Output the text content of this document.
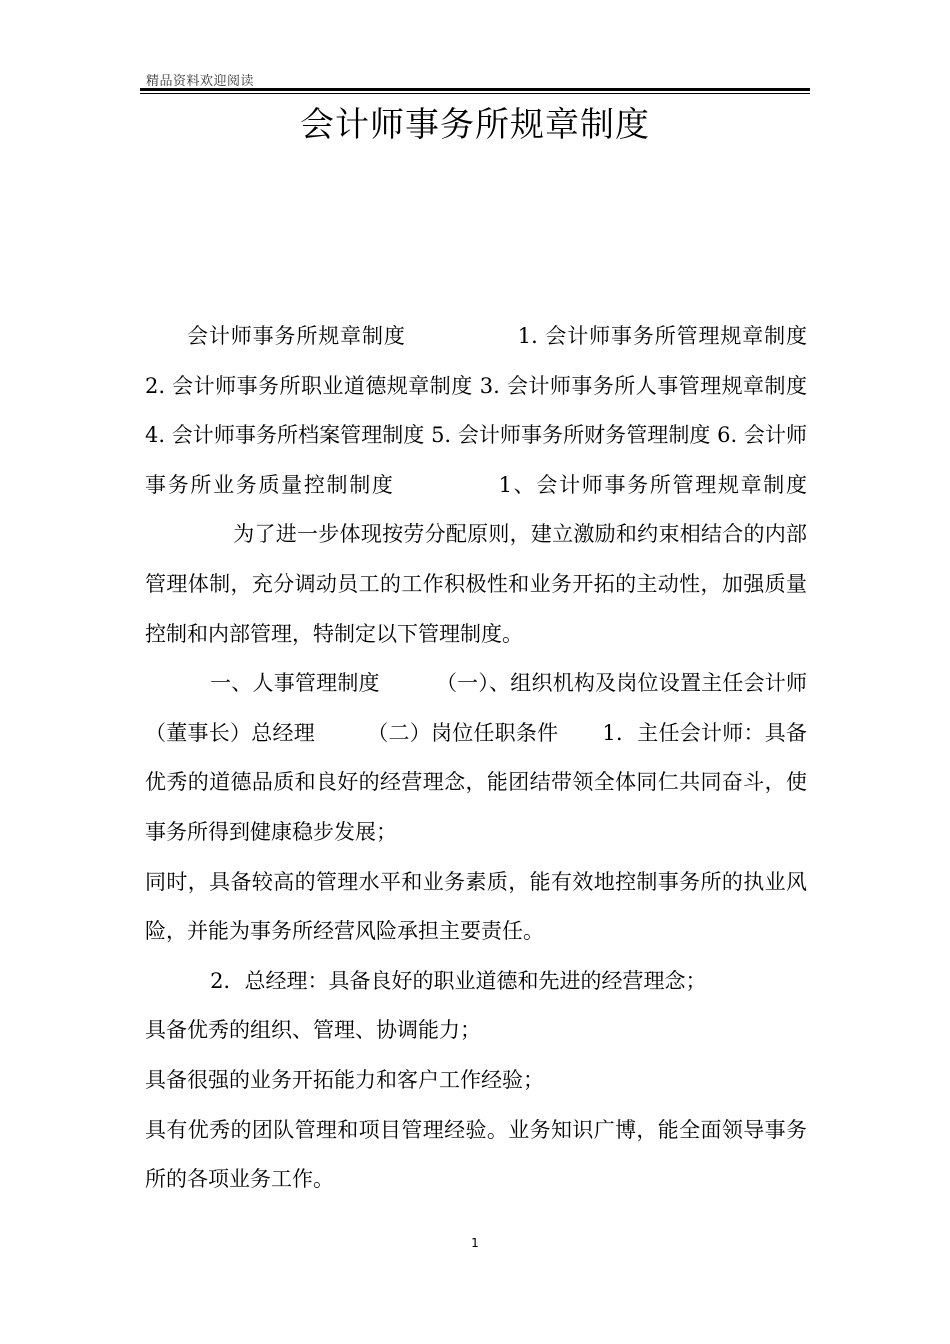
精品资料欢迎阅读
会计师事务所规章制度

会计师事务所规章制度	1. 会计师事务所管理规章制度 2. 会计师事务所职业道德规章制度 3. 会计师事务所人事管理规章制度 4. 会计师事务所档案管理制度 5. 会计师事务所财务管理制度 6. 会计师事务所业务质量控制制度	1、会计师事务所管理规章制度为了进一步体现按劳分配原则，建立激励和约束相结合的内部管理体制，充分调动员工的工作积极性和业务开拓的主动性，加强质量控制和内部管理，特制定以下管理制度。

一、人事管理制度	（一）、组织机构及岗位设置主任会计师（董事长）总经理 （二）岗位任职条件 1．主任会计师：具备优秀的道德品质和良好的经营理念，能团结带领全体同仁共同奋斗，使事务所得到健康稳步发展；

同时，具备较高的管理水平和业务素质，能有效地控制事务所的执业风险，并能为事务所经营风险承担主要责任。

2．总经理：具备良好的职业道德和先进的经营理念；

具备优秀的组织、管理、协调能力；

具备很强的业务开拓能力和客户工作经验；

具有优秀的团队管理和项目管理经验。业务知识广博，能全面领导事务所的各项业务工作。

1
